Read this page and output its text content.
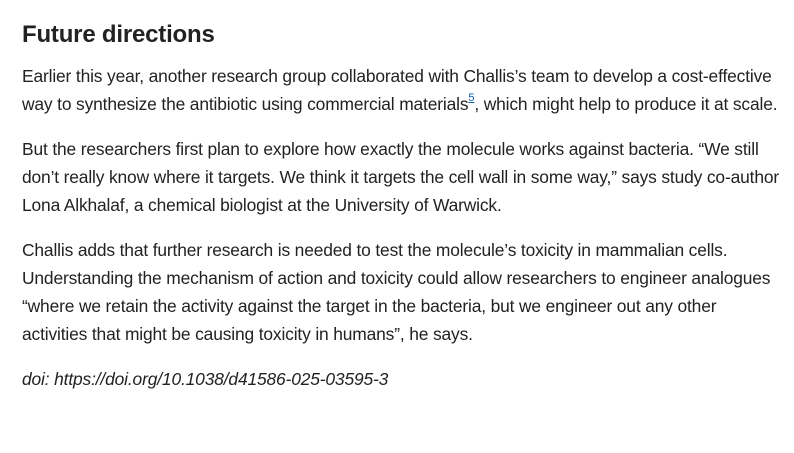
Future directions

Earlier this year, another research group collaborated with Challis’s team to develop a cost-effective way to synthesize the antibiotic using commercial materials$^5$, which might help to produce it at scale.

But the researchers first plan to explore how exactly the molecule works against bacteria. “We still don’t really know where it targets. We think it targets the cell wall in some way,” says study co-author Lona Alkhalaf, a chemical biologist at the University of Warwick.

Challis adds that further research is needed to test the molecule’s toxicity in mammalian cells. Understanding the mechanism of action and toxicity could allow researchers to engineer analogues “where we retain the activity against the target in the bacteria, but we engineer out any other activities that might be causing toxicity in humans”, he says.

doi: https://doi.org/10.1038/d41586-025-03595-3
